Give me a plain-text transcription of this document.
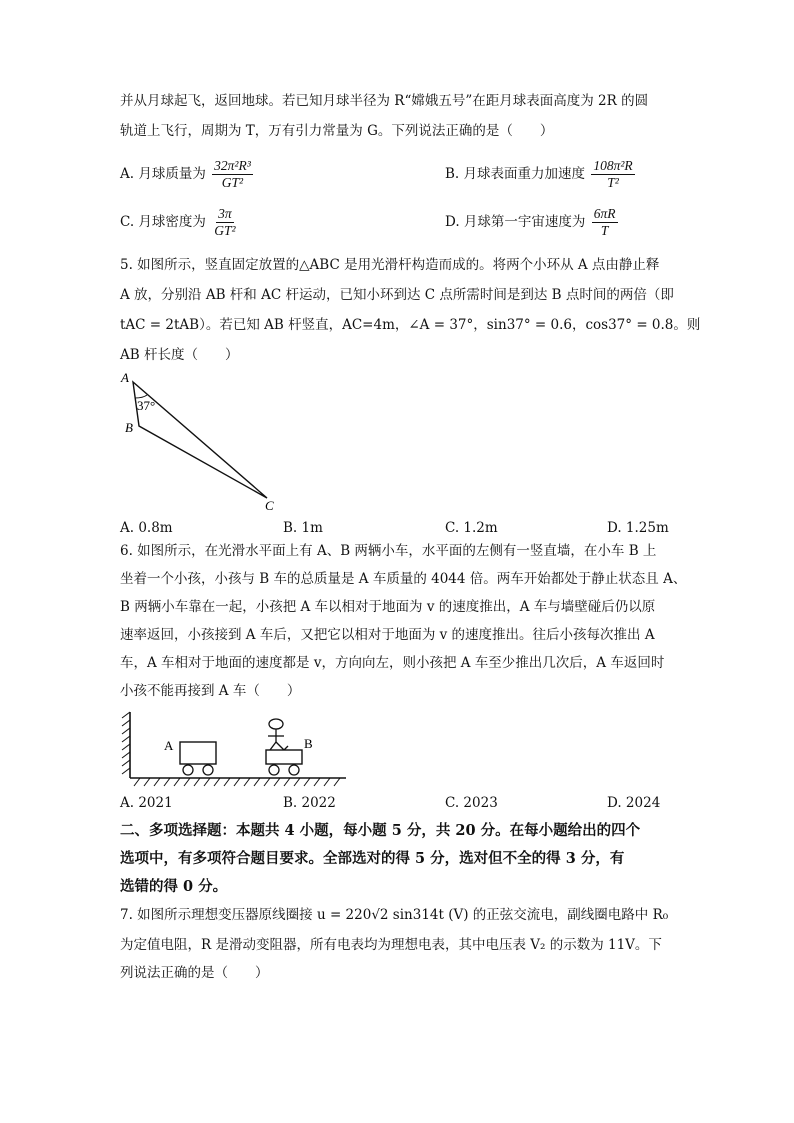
并从月球起飞，返回地球。若已知月球半径为 R“嫦娥五号”在距月球表面高度为 2R 的圆
轨道上飞行，周期为 T，万有引力常量为 G。下列说法正确的是（　　）
A. 月球质量为 $\frac{\text{32π²R³}}{\text{GT²}}$	B. 月球表面重力加速度 $\frac{\text{108π²R}}{\text{T²}}$
C. 月球密度为 $\frac{3\pi}{\text{GT²}}$	D. 月球第一宇宙速度为 $\frac{6\pi R}{T}$
5. 如图所示，竖直固定放置的△ABC 是用光滑杆构造而成的。将两个小环从 A 点由静止释
A 放，分别沿 AB 杆和 AC 杆运动，已知小环到达 C 点所需时间是到达 B 点时间的两倍（即
tAC = 2tAB）。若已知 AB 杆竖直，AC=4m，∠A = 37°，sin37° = 0.6，cos37° = 0.8。则
AB 杆长度（　　）
A
B
C
37°
A. 0.8m	B. 1m	C. 1.2m	D. 1.25m
6. 如图所示，在光滑水平面上有 A、B 两辆小车，水平面的左侧有一竖直墙，在小车 B 上
坐着一个小孩，小孩与 B 车的总质量是 A 车质量的 4044 倍。两车开始都处于静止状态且 A、
B 两辆小车靠在一起，小孩把 A 车以相对于地面为 v 的速度推出，A 车与墙壁碰后仍以原
速率返回，小孩接到 A 车后，又把它以相对于地面为 v 的速度推出。往后小孩每次推出 A
车，A 车相对于地面的速度都是 v，方向向左，则小孩把 A 车至少推出几次后，A 车返回时
小孩不能再接到 A 车（　　）
A	B
A. 2021	B. 2022	C. 2023	D. 2024
二、多项选择题：本题共 4 小题，每小题 5 分，共 20 分。在每小题给出的四个
选项中，有多项符合题目要求。全部选对的得 5 分，选对但不全的得 3 分，有
选错的得 0 分。
7. 如图所示理想变压器原线圈接 u = 220√2 sin314t (V) 的正弦交流电，副线圈电路中 R₀
为定值电阻，R 是滑动变阻器，所有电表均为理想电表，其中电压表 V₂ 的示数为 11V。下
列说法正确的是（　　）
